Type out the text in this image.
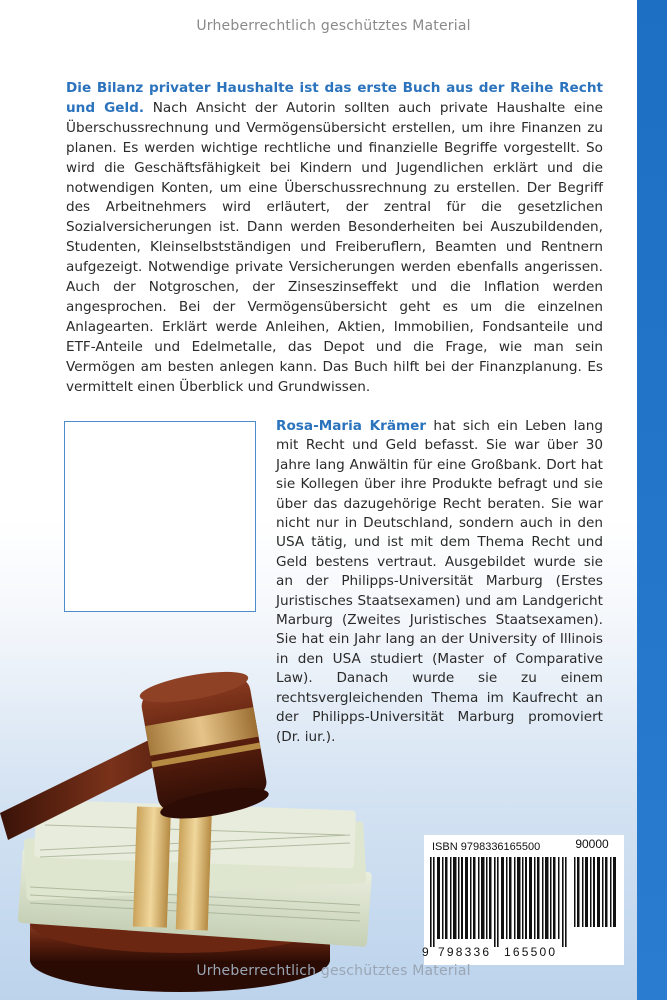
Urheberrechtlich geschütztes Material
Die Bilanz privater Haushalte ist das erste Buch aus der Reihe Recht und Geld. Nach Ansicht der Autorin sollten auch private Haushalte eine Überschussrechnung und Vermögensübersicht erstellen, um ihre Finanzen zu planen. Es werden wichtige rechtliche und finanzielle Begriffe vorgestellt. So wird die Geschäftsfähigkeit bei Kindern und Jugendlichen erklärt und die notwendigen Konten, um eine Überschussrechnung zu erstellen. Der Begriff des Arbeitnehmers wird erläutert, der zentral für die gesetzlichen Sozialversicherungen ist. Dann werden Besonderheiten bei Auszubildenden, Studenten, Kleinselbstständigen und Freiberuflern, Beamten und Rentnern aufgezeigt. Notwendige private Versicherungen werden ebenfalls angerissen. Auch der Notgroschen, der Zinseszinseffekt und die Inflation werden angesprochen. Bei der Vermögensübersicht geht es um die einzelnen Anlagearten. Erklärt werde Anleihen, Aktien, Immobilien, Fondsanteile und ETF-Anteile und Edelmetalle, das Depot und die Frage, wie man sein Vermögen am besten anlegen kann. Das Buch hilft bei der Finanzplanung. Es vermittelt einen Überblick und Grundwissen.
Rosa-Maria Krämer hat sich ein Leben lang mit Recht und Geld befasst. Sie war über 30 Jahre lang Anwältin für eine Großbank. Dort hat sie Kollegen über ihre Produkte befragt und sie über das dazugehörige Recht beraten. Sie war nicht nur in Deutschland, sondern auch in den USA tätig, und ist mit dem Thema Recht und Geld bestens vertraut. Ausgebildet wurde sie an der Philipps-Universität Marburg (Erstes Juristisches Staatsexamen) und am Landgericht Marburg (Zweites Juristisches Staatsexamen). Sie hat ein Jahr lang an der University of Illinois in den USA studiert (Master of Comparative Law). Danach wurde sie zu einem rechtsvergleichenden Thema im Kaufrecht an der Philipps-Universität Marburg promoviert (Dr. iur.).
ISBN 9798336165500	90000
9 798336 165500
Urheberrechtlich geschütztes Material
